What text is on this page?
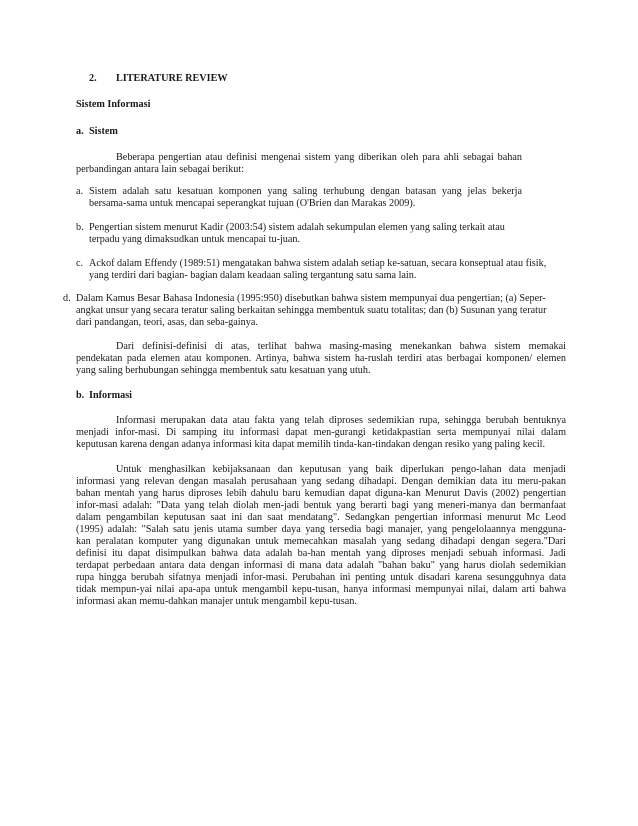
2. LITERATURE REVIEW
Sistem Informasi
a. Sistem
Beberapa pengertian atau definisi mengenai sistem yang diberikan oleh para ahli sebagai bahan
perbandingan antara lain sebagai berikut:
a. Sistem adalah satu kesatuan komponen yang saling terhubung dengan batasan yang jelas bekerja
bersama-sama untuk mencapai seperangkat tujuan (O'Brien dan Marakas 2009).
b. Pengertian sistem menurut Kadir (2003:54) sistem adalah sekumpulan elemen yang saling terkait atau
terpadu yang dimaksudkan untuk mencapai tu-juan.
c. Ackof dalam Effendy (1989:51) mengatakan bahwa sistem adalah setiap ke-satuan, secara konseptual atau fisik,
yang terdiri dari bagian- bagian dalam keadaan saling tergantung satu sama lain.
d. Dalam Kamus Besar Bahasa Indonesia (1995:950) disebutkan bahwa sistem mempunyai dua pengertian; (a) Seper-
angkat unsur yang secara teratur saling berkaitan sehingga membentuk suatu totalitas; dan (b) Susunan yang teratur
dari pandangan, teori, asas, dan seba-gainya.
Dari definisi-definisi di atas, terlihat bahwa masing-masing menekankan bahwa sistem memakai
pendekatan pada elemen atau komponen. Artinya, bahwa sistem ha-ruslah terdiri atas berbagai komponen/ elemen
yang saling berhubungan sehingga membentuk satu kesatuan yang utuh.
b. Informasi
Informasi merupakan data atau fakta yang telah diproses sedemikian rupa, sehingga berubah bentuknya
menjadi infor-masi. Di samping itu informasi dapat men-gurangi ketidakpastian serta mempunyai nilai dalam
keputusan karena dengan adanya informasi kita dapat memilih tinda-kan-tindakan dengan resiko yang paling kecil.
Untuk menghasilkan kebijaksanaan dan keputusan yang baik diperlukan pengo-lahan data menjadi
informasi yang relevan dengan masalah perusahaan yang sedang dihadapi. Dengan demikian data itu meru-pakan
bahan mentah yang harus diproses lebih dahulu baru kemudian dapat diguna-kan Menurut Davis (2002) pengertian
infor-masi adalah: "Data yang telah diolah men-jadi bentuk yang berarti bagi yang meneri-manya dan bermanfaat
dalam pengambilan keputusan saat ini dan saat mendatang". Sedangkan pengertian informasi menurut Mc Leod
(1995) adalah: "Salah satu jenis utama sumber daya yang tersedia bagi manajer, yang pengelolaannya mengguna-
kan peralatan komputer yang digunakan untuk memecahkan masalah yang sedang dihadapi dengan segera."Dari
definisi itu dapat disimpulkan bahwa data adalah ba-han mentah yang diproses menjadi sebuah informasi. Jadi
terdapat perbedaan antara data dengan informasi di mana data adalah "bahan baku" yang harus diolah sedemikian
rupa hingga berubah sifatnya menjadi infor-masi. Perubahan ini penting untuk disadari karena sesungguhnya data
tidak mempun-yai nilai apa-apa untuk mengambil kepu-tusan, hanya informasi mempunyai nilai, dalam arti bahwa
informasi akan memu-dahkan manajer untuk mengambil kepu-tusan.
